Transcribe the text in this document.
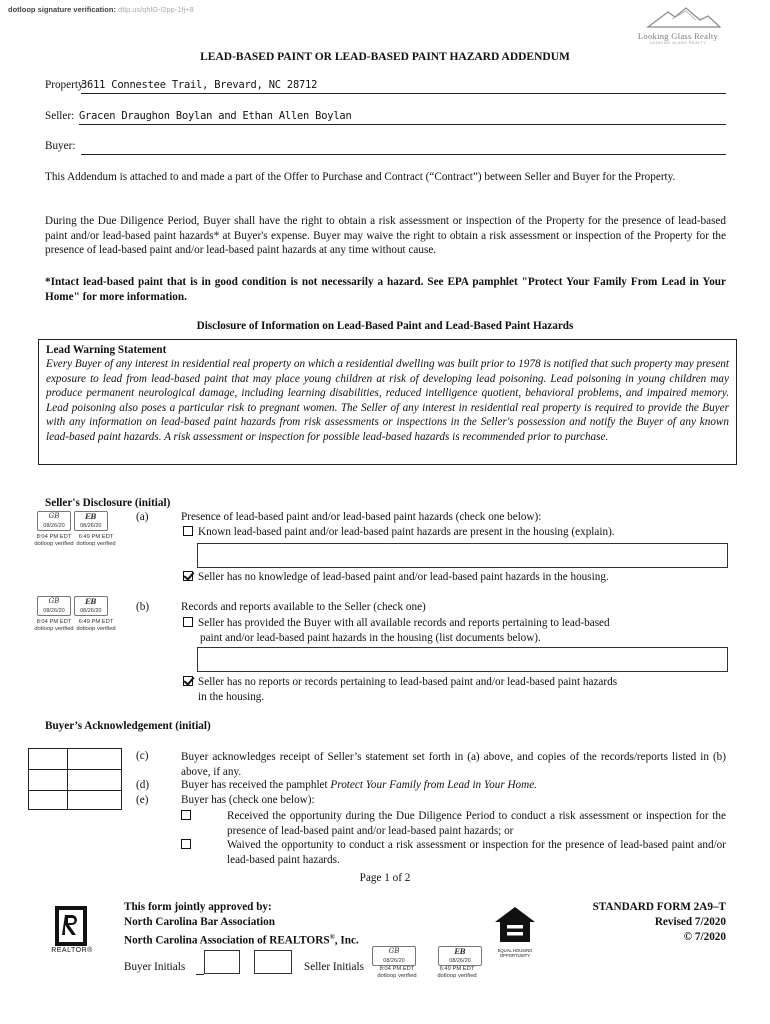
dotloop signature verification: dtlp.us/qhlG-l2pp-1fj+8
Looking Glass Realty
LOOKING GLASS REALTY
LEAD-BASED PAINT OR LEAD-BASED PAINT HAZARD ADDENDUM
Property:
3611 Connestee Trail, Brevard, NC 28712
Seller: Gracen Draughon Boylan and Ethan Allen Boylan
Buyer:

This Addendum is attached to and made a part of the Offer to Purchase and Contract (“Contract”) between Seller and Buyer for the Property.

During the Due Diligence Period, Buyer shall have the right to obtain a risk assessment or inspection of the Property for the presence of lead-based paint and/or lead-based paint hazards* at Buyer's expense. Buyer may waive the right to obtain a risk assessment or inspection of the Property for the presence of lead-based paint and/or lead-based paint hazards at any time without cause.

*Intact lead-based paint that is in good condition is not necessarily a hazard. See EPA pamphlet "Protect Your Family From Lead in Your Home" for more information.

Disclosure of Information on Lead-Based Paint and Lead-Based Paint Hazards
Lead Warning Statement

Every Buyer of any interest in residential real property on which a residential dwelling was built prior to 1978 is notified that such property may present exposure to lead from lead-based paint that may place young children at risk of developing lead poisoning. Lead poisoning in young children may produce permanent neurological damage, including learning disabilities, reduced intelligence quotient, behavioral problems, and impaired memory. Lead poisoning also poses a particular risk to pregnant women. The Seller of any interest in residential real property is required to provide the Buyer with any information on lead-based paint hazards from risk assessments or inspections in the Seller's possession and notify the Buyer of any known lead-based paint hazards. A risk assessment or inspection for possible lead-based hazards is recommended prior to purchase.

Seller's Disclosure (initial)
GB
08/26/20

EB
08/26/20
8:04 PM EDT	6:49 PM EDT
dotloop verified dotloop verified
(a)	Presence of lead-based paint and/or lead-based paint hazards (check one below):
Known lead-based paint and/or lead-based paint hazards are present in the housing (explain).
Seller has no knowledge of lead-based paint and/or lead-based paint hazards in the housing.
GB
08/26/20

EB
08/26/20
8:04 PM EDT	6:49 PM EDT
dotloop verified dotloop verified
(b)	Records and reports available to the Seller (check one)
Seller has provided the Buyer with all available records and reports pertaining to lead-based
paint and/or lead-based paint hazards in the housing (list documents below).
Seller has no reports or records pertaining to lead-based paint and/or lead-based paint hazards
in the housing.
Buyer’s Acknowledgement (initial)
(c)	Buyer acknowledges receipt of Seller’s statement set forth in (a) above, and copies of the records/reports listed in (b) above, if any.

(d)	Buyer has received the pamphlet Protect Your Family from Lead in Your Home.
(e)	Buyer has (check one below):

Received the opportunity during the Due Diligence Period to conduct a risk assessment or inspection for the presence of lead-based paint and/or lead-based paint hazards; or

Waived the opportunity to conduct a risk assessment or inspection for the presence of lead-based paint and/or lead-based paint hazards.

Page 1 of 2
REALTOR®
This form jointly approved by:
North Carolina Bar Association
North Carolina Association of REALTORS®, Inc.
EQUAL HOUSING OPPORTUNITY
STANDARD FORM 2A9–T
Revised 7/2020
© 7/2020
Buyer Initials	Seller Initials
GB
08/26/20
EB
08/26/20
8:04 PM EDT	6:49 PM EDT
dotloop verified	dotloop verified
